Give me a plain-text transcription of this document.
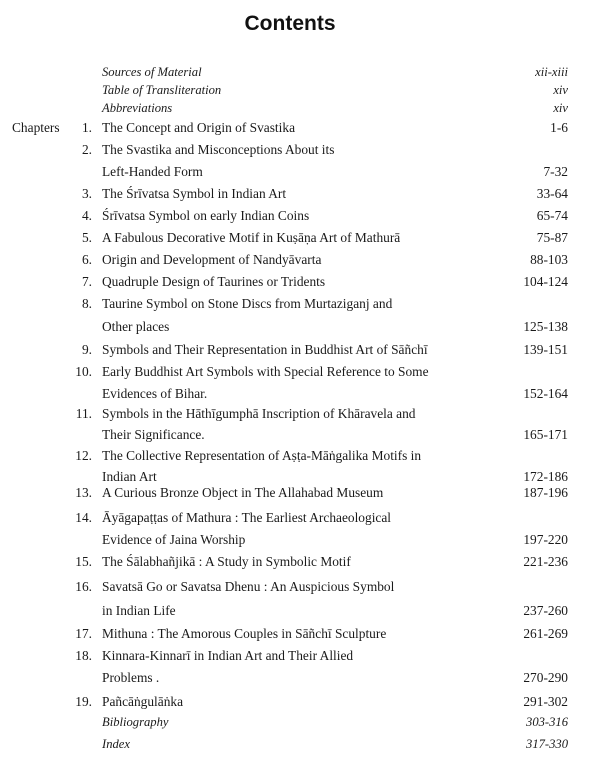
Contents
Sources of Material	xii-xiii
Table of Transliteration	xiv
Abbreviations	xiv
Chapters 1. The Concept and Origin of Svastika	1-6
2. The Svastika and Misconceptions About its
Left-Handed Form	7-32
3. The Śrīvatsa Symbol in Indian Art	33-64
4. Śrīvatsa Symbol on early Indian Coins	65-74
5. A Fabulous Decorative Motif in Kuṣāṇa Art of Mathurā	75-87
6. Origin and Development of Nandyāvarta	88-103
7. Quadruple Design of Taurines or Tridents	104-124
8. Taurine Symbol on Stone Discs from Murtaziganj and
Other places	125-138
9. Symbols and Their Representation in Buddhist Art of Sāñchī	139-151
10. Early Buddhist Art Symbols with Special Reference to Some
Evidences of Bihar.	152-164
11. Symbols in the Hāthīgumphā Inscription of Khāravela and
Their Significance.	165-171
12. The Collective Representation of Aṣṭa-Māṅgalika Motifs in
Indian Art	172-186
13. A Curious Bronze Object in The Allahabad Museum	187-196
14. Āyāgapaṭṭas of Mathura : The Earliest Archaeological
Evidence of Jaina Worship	197-220
15. The Śālabhañjikā : A Study in Symbolic Motif	221-236
16. Savatsā Go or Savatsa Dhenu : An Auspicious Symbol
in Indian Life	237-260
17. Mithuna : The Amorous Couples in Sāñchī Sculpture	261-269
18. Kinnara-Kinnarī in Indian Art and Their Allied
Problems .	270-290
19. Pañcāṅgulāṅka	291-302
Bibliography	303-316
Index	317-330
